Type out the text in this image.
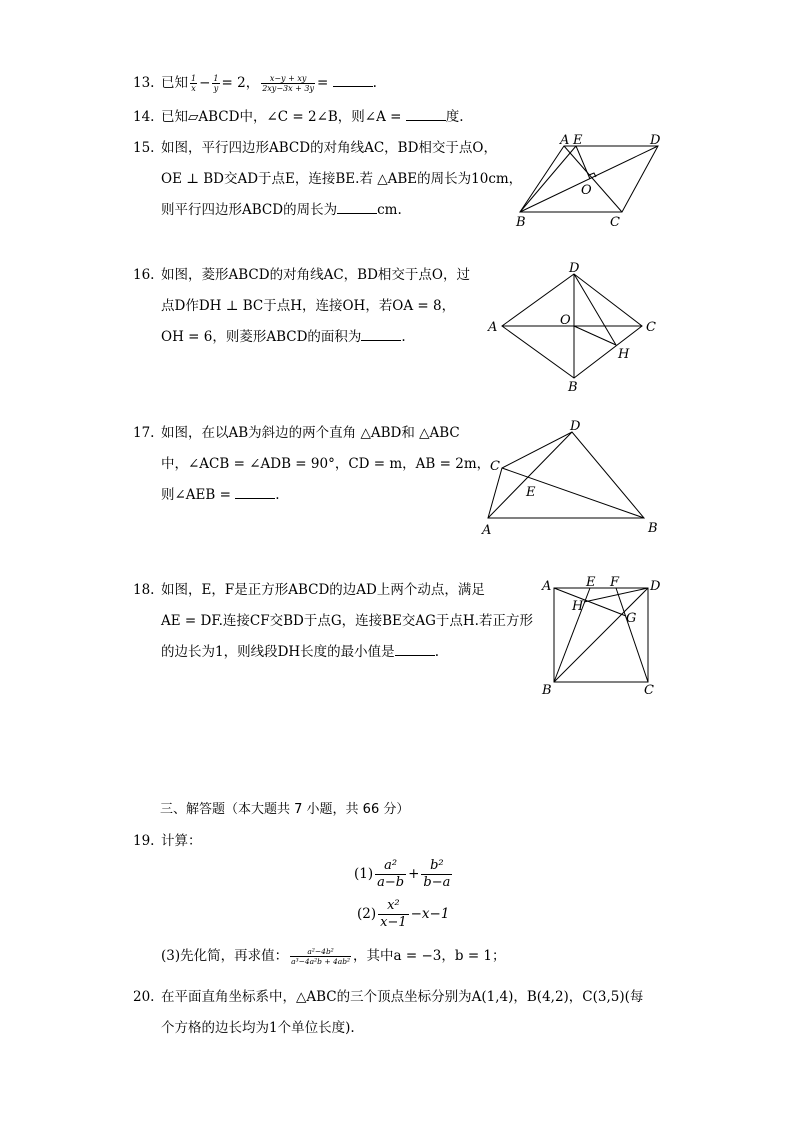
13. 已知 $\frac{1}{x} - \frac{1}{y} = 2$， $\frac{x-y + xy}{2xy-3x + 3y}$ =	.
14. 已知▱ABCD中，∠C = 2∠B，则∠A =	度.
15. 如图，平行四边形ABCD的对角线AC，BD相交于点O，
OE ⊥ BD交AD于点E，连接BE.若 △ABE的周长为10cm，
则平行四边形ABCD的周长为	cm.
A E	D
O
B	C
16. 如图，菱形ABCD的对角线AC，BD相交于点O，过
点D作DH ⊥ BC于点H，连接OH，若OA = 8，
OH = 6，则菱形ABCD的面积为	.
D
A	O	C
H
B
17. 如图，在以AB为斜边的两个直角 △ABD和 △ABC
中，∠ACB = ∠ADB = 90°，CD = m，AB = 2m，
则∠AEB =	.
D
C
E
A	B
18. 如图，E，F是正方形ABCD的边AD上两个动点，满足
AE = DF.连接CF交BD于点G，连接BE交AG于点H.若正方形
的边长为1，则线段DH长度的最小值是	.
A	E F D
H
G
B	C
三、解答题（本大题共 7 小题，共 66 分）
19. 计算：
$(1) \frac{\text{a²}}{a-b} + \frac{\text{b²}}{b-a}$
$(2) \frac{\text{x²}}{x-1} -x-1$
(3)先化简，再求值： $\frac{\text{a²−4b²}}{\text{a³−4a²b + 4ab²}}$ ，其中a = −3，b = 1；
20. 在平面直角坐标系中，△ABC的三个顶点坐标分别为A(1,4)，B(4,2)，C(3,5)(每
个方格的边长均为1个单位长度).
